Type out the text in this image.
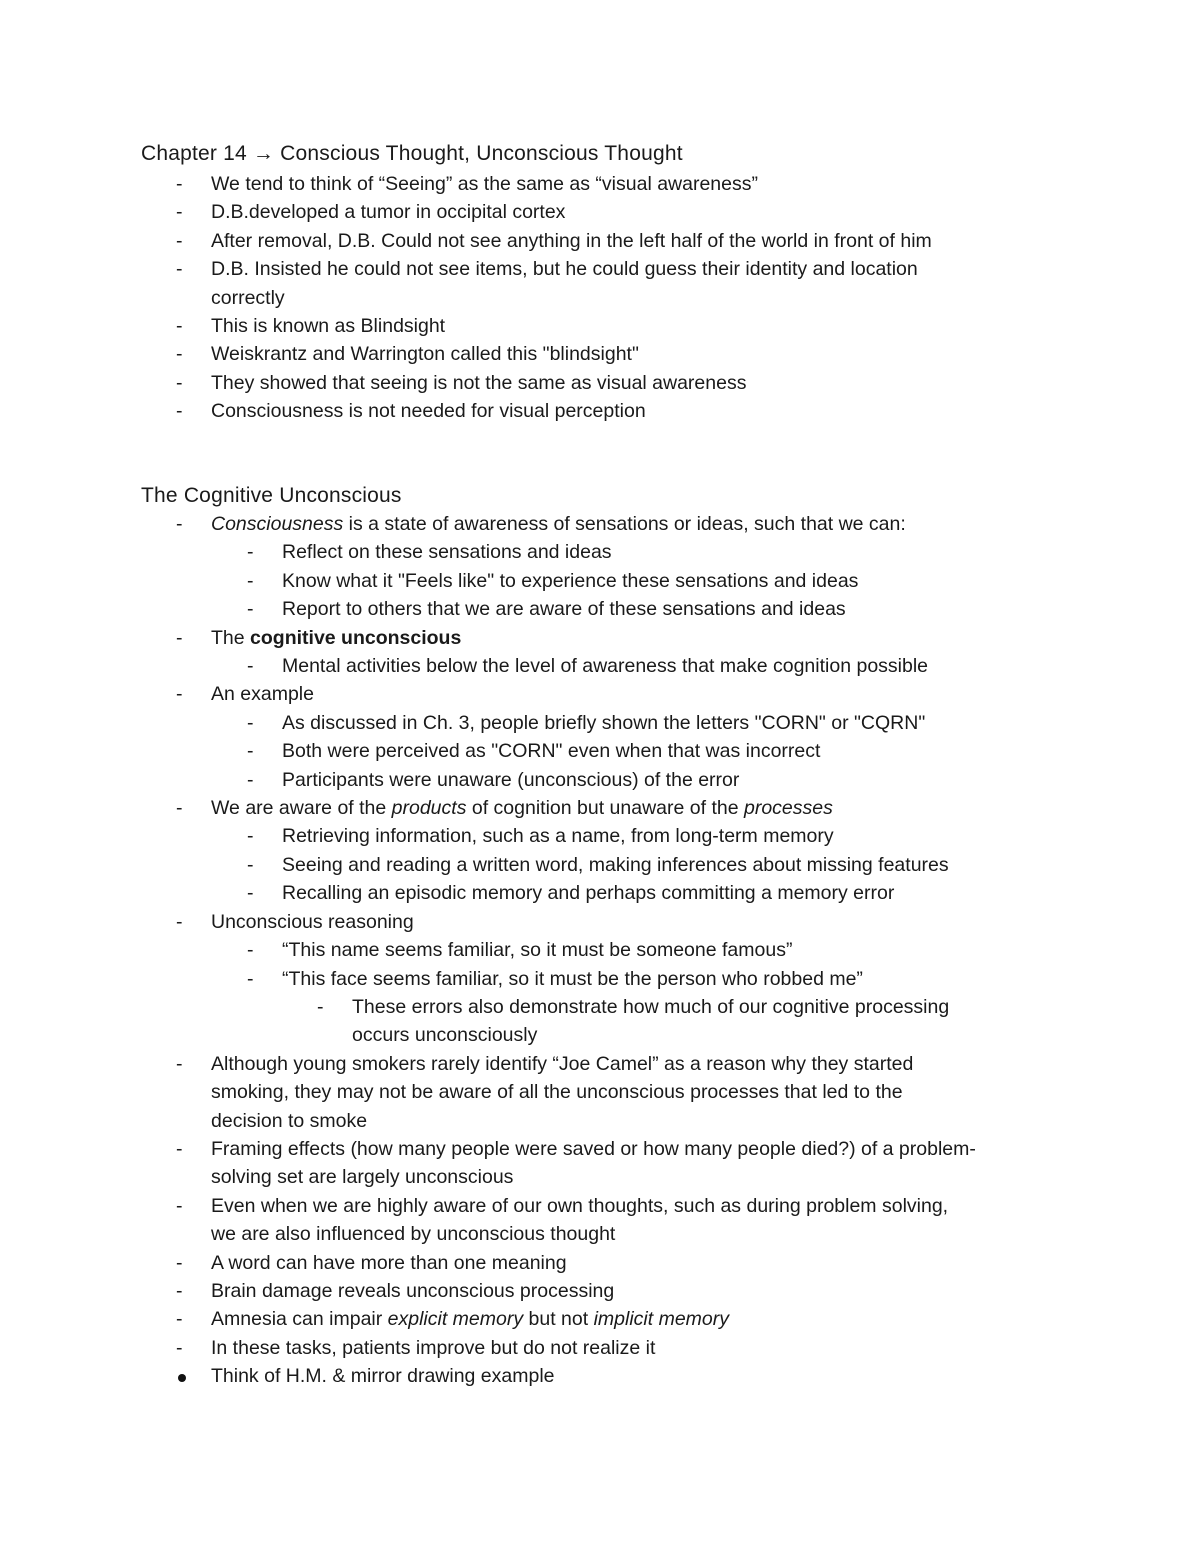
Chapter 14 → Conscious Thought, Unconscious Thought
- We tend to think of “Seeing” as the same as “visual awareness”
- D.B.developed a tumor in occipital cortex
- After removal, D.B. Could not see anything in the left half of the world in front of him
- D.B. Insisted he could not see items, but he could guess their identity and location
correctly
- This is known as Blindsight
- Weiskrantz and Warrington called this "blindsight"
- They showed that seeing is not the same as visual awareness
- Consciousness is not needed for visual perception
The Cognitive Unconscious
- Consciousness is a state of awareness of sensations or ideas, such that we can:
- Reflect on these sensations and ideas
- Know what it "Feels like" to experience these sensations and ideas
- Report to others that we are aware of these sensations and ideas
- The cognitive unconscious
- Mental activities below the level of awareness that make cognition possible
- An example
- As discussed in Ch. 3, people briefly shown the letters "CORN" or "CQRN"
- Both were perceived as "CORN" even when that was incorrect
- Participants were unaware (unconscious) of the error
- We are aware of the products of cognition but unaware of the processes
- Retrieving information, such as a name, from long-term memory
- Seeing and reading a written word, making inferences about missing features
- Recalling an episodic memory and perhaps committing a memory error
- Unconscious reasoning
- “This name seems familiar, so it must be someone famous”
- “This face seems familiar, so it must be the person who robbed me”
- These errors also demonstrate how much of our cognitive processing
occurs unconsciously
- Although young smokers rarely identify “Joe Camel” as a reason why they started
smoking, they may not be aware of all the unconscious processes that led to the
decision to smoke
- Framing effects (how many people were saved or how many people died?) of a problem-
solving set are largely unconscious
- Even when we are highly aware of our own thoughts, such as during problem solving,
we are also influenced by unconscious thought
- A word can have more than one meaning
- Brain damage reveals unconscious processing
- Amnesia can impair explicit memory but not implicit memory
- In these tasks, patients improve but do not realize it
Think of H.M. & mirror drawing example
